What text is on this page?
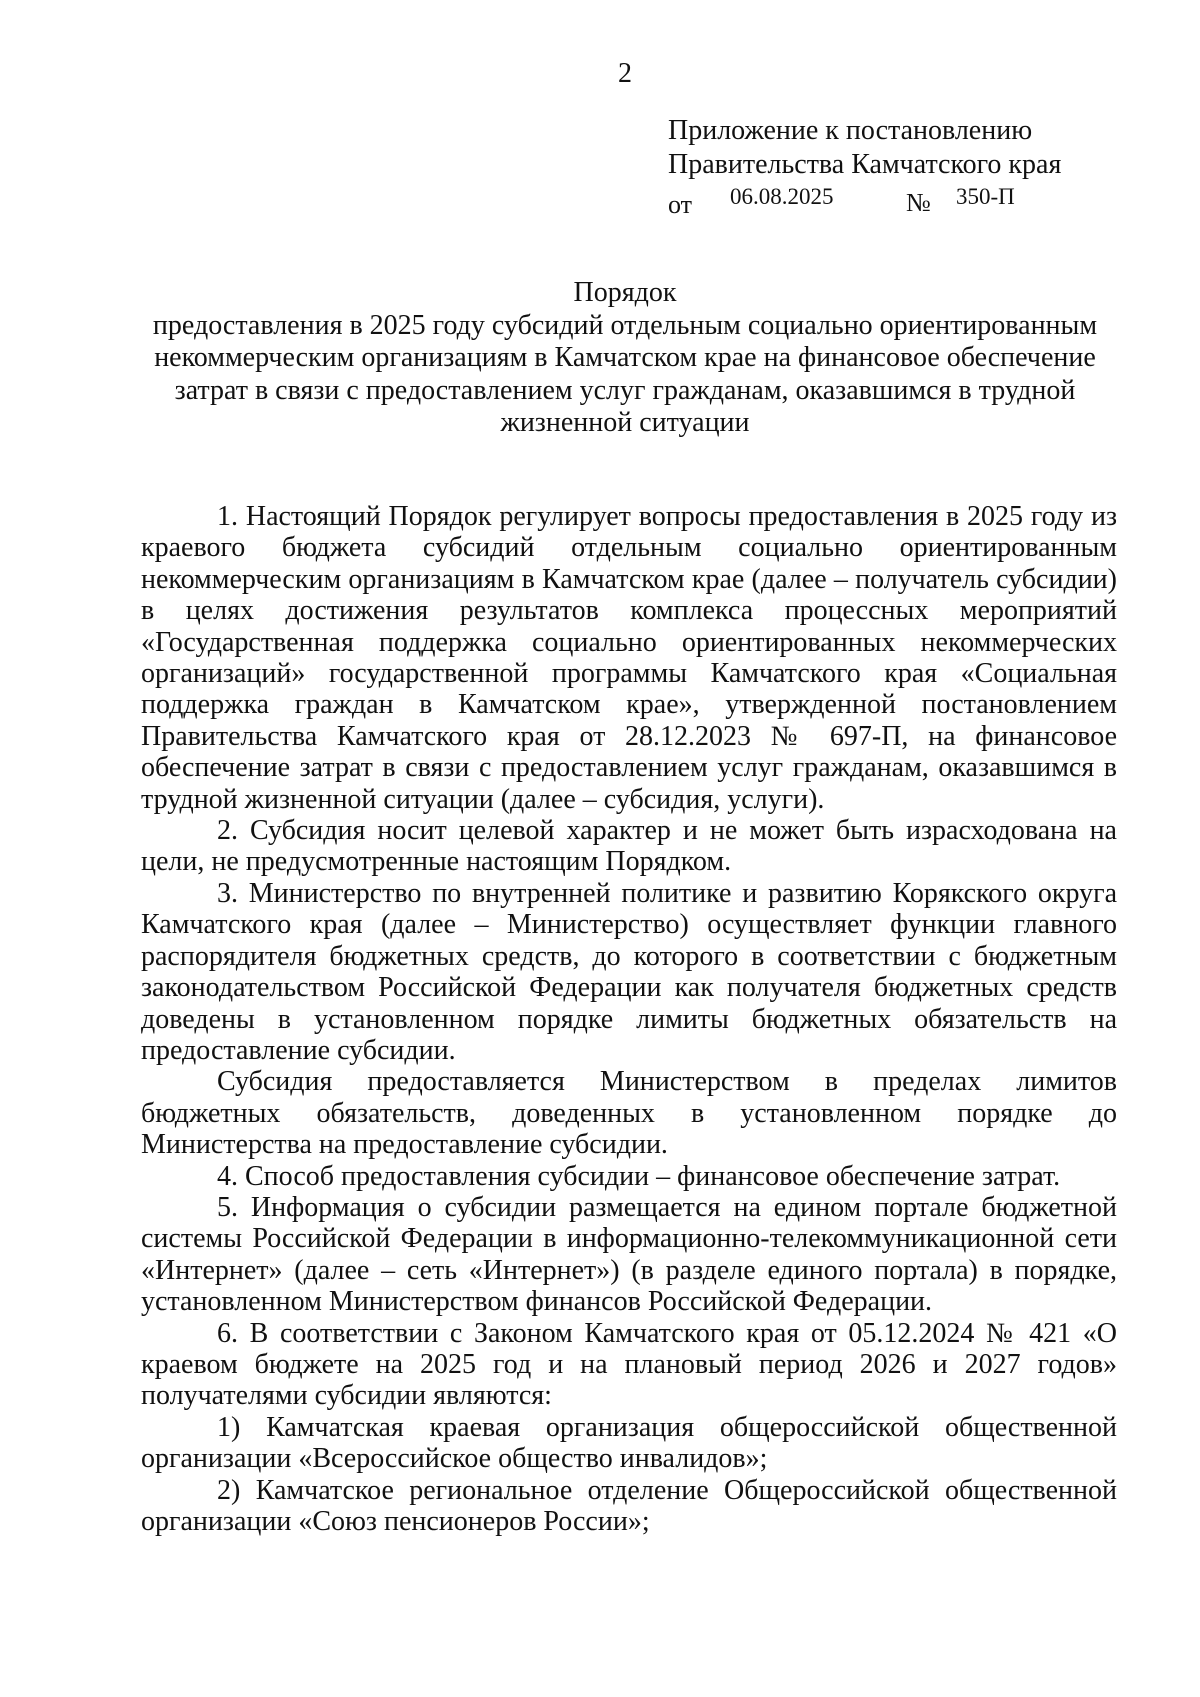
2
Приложение к постановлению
Правительства Камчатского края
от 06.08.2025	№ 350-П
Порядок
предоставления в 2025 году субсидий отдельным социально ориентированным некоммерческим организациям в Камчатском крае на финансовое обеспечение затрат в связи с предоставлением услуг гражданам, оказавшимся в трудной жизненной ситуации

1. Настоящий Порядок регулирует вопросы предоставления в 2025 году из краевого бюджета субсидий отдельным социально ориентированным некоммерческим организациям в Камчатском крае (далее – получатель субсидии) в целях достижения результатов комплекса процессных мероприятий «Государственная поддержка социально ориентированных некоммерческих организаций» государственной программы Камчатского края «Социальная поддержка граждан в Камчатском крае», утвержденной постановлением Правительства Камчатского края от 28.12.2023 № 697-П, на финансовое обеспечение затрат в связи с предоставлением услуг гражданам, оказавшимся в трудной жизненной ситуации (далее – субсидия, услуги).

2. Субсидия носит целевой характер и не может быть израсходована на цели, не предусмотренные настоящим Порядком.

3. Министерство по внутренней политике и развитию Корякского округа Камчатского края (далее – Министерство) осуществляет функции главного распорядителя бюджетных средств, до которого в соответствии с бюджетным законодательством Российской Федерации как получателя бюджетных средств доведены в установленном порядке лимиты бюджетных обязательств на предоставление субсидии.

Субсидия предоставляется Министерством в пределах лимитов бюджетных обязательств, доведенных в установленном порядке до Министерства на предоставление субсидии.

4. Способ предоставления субсидии – финансовое обеспечение затрат.

5. Информация о субсидии размещается на едином портале бюджетной системы Российской Федерации в информационно-телекоммуникационной сети «Интернет» (далее – сеть «Интернет») (в разделе единого портала) в порядке, установленном Министерством финансов Российской Федерации.

6. В соответствии с Законом Камчатского края от 05.12.2024 № 421 «О краевом бюджете на 2025 год и на плановый период 2026 и 2027 годов» получателями субсидии являются:

1) Камчатская краевая организация общероссийской общественной организации «Всероссийское общество инвалидов»;

2) Камчатское региональное отделение Общероссийской общественной организации «Союз пенсионеров России»;
